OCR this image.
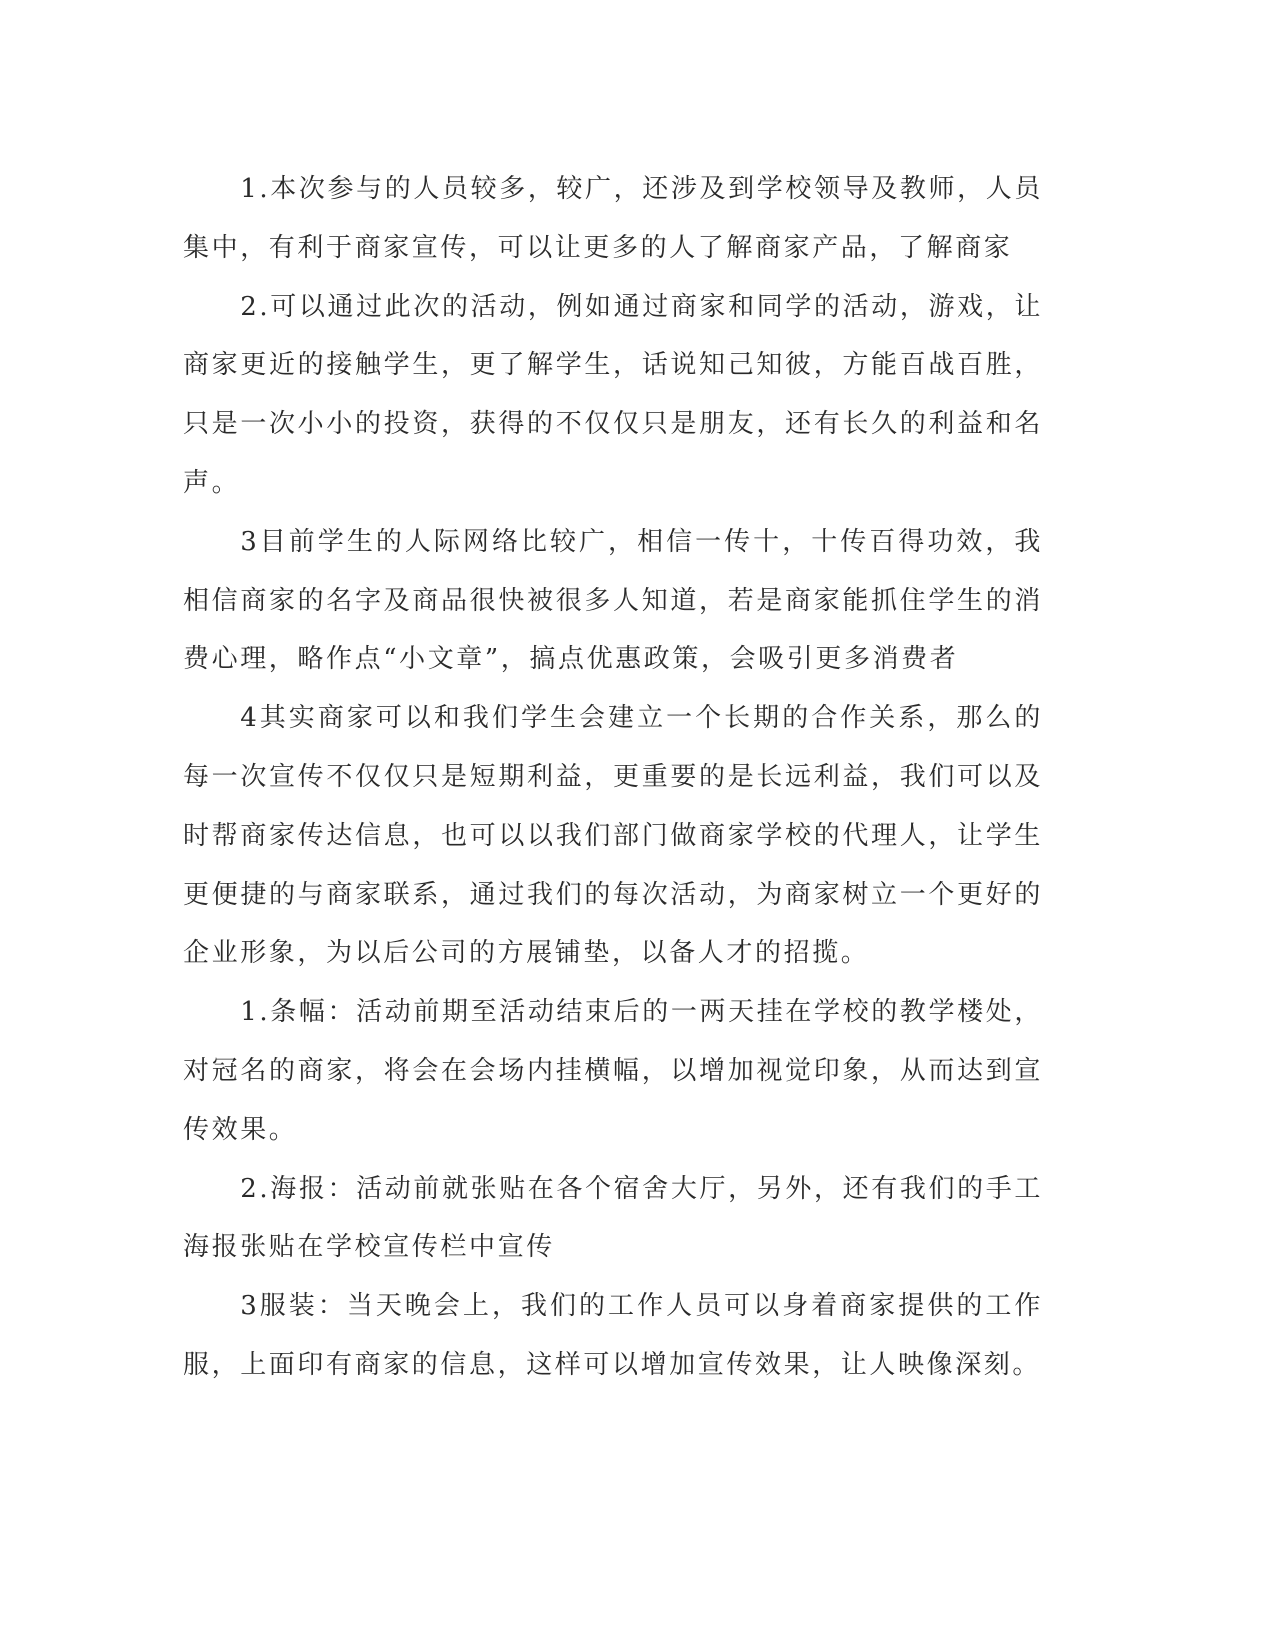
1.本次参与的人员较多，较广，还涉及到学校领导及教师，人员集中，有利于商家宣传，可以让更多的人了解商家产品，了解商家

2.可以通过此次的活动，例如通过商家和同学的活动，游戏，让商家更近的接触学生，更了解学生，话说知己知彼，方能百战百胜，只是一次小小的投资，获得的不仅仅只是朋友，还有长久的利益和名声。

3目前学生的人际网络比较广，相信一传十，十传百得功效，我相信商家的名字及商品很快被很多人知道，若是商家能抓住学生的消费心理，略作点“小文章”，搞点优惠政策，会吸引更多消费者

4其实商家可以和我们学生会建立一个长期的合作关系，那么的每一次宣传不仅仅只是短期利益，更重要的是长远利益，我们可以及时帮商家传达信息，也可以以我们部门做商家学校的代理人，让学生更便捷的与商家联系，通过我们的每次活动，为商家树立一个更好的企业形象，为以后公司的方展铺垫，以备人才的招揽。

1.条幅：活动前期至活动结束后的一两天挂在学校的教学楼处，对冠名的商家，将会在会场内挂横幅，以增加视觉印象，从而达到宣传效果。

2.海报：活动前就张贴在各个宿舍大厅，另外，还有我们的手工海报张贴在学校宣传栏中宣传

3服装：当天晚会上，我们的工作人员可以身着商家提供的工作服，上面印有商家的信息，这样可以增加宣传效果，让人映像深刻。
